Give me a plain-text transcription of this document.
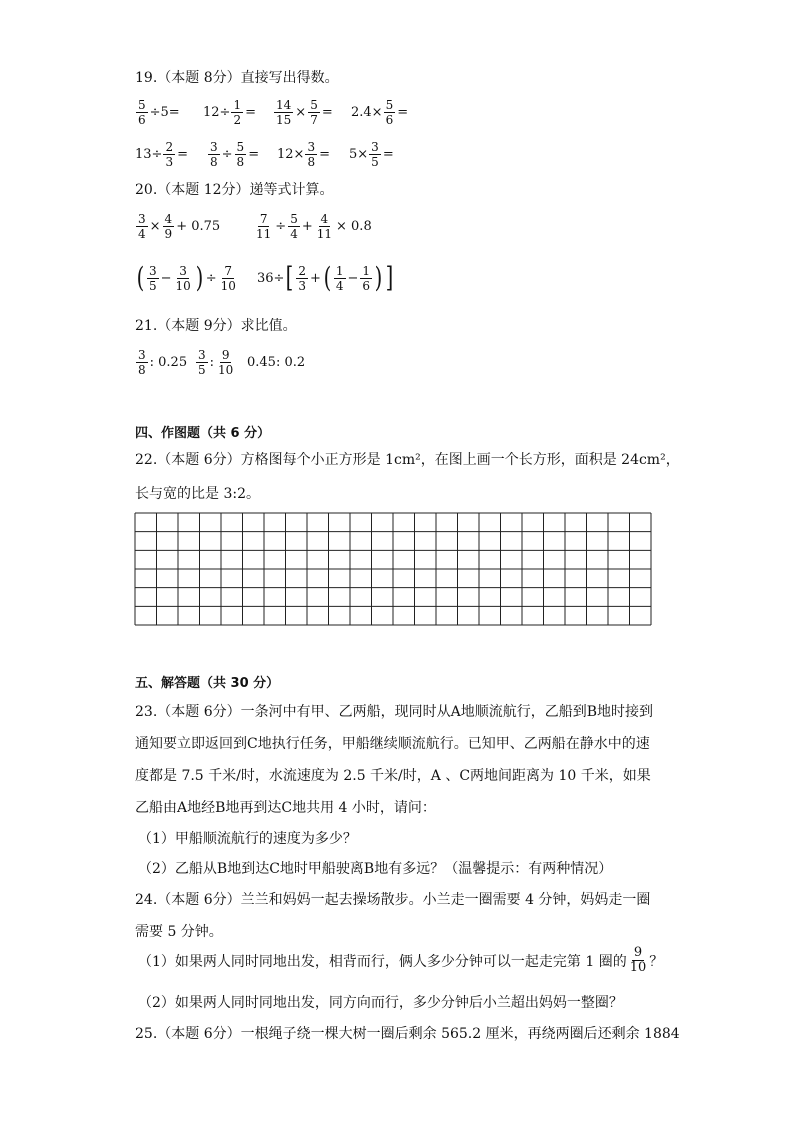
19.（本题 8分）直接写出得数。
$\frac{5}{6} \div 5= 12\div \frac{1}{2} = \frac{14}{15} \times \frac{5}{7} = 2.4\times \frac{5}{6}$ =
$13\div \frac{2}{3} = \frac{3}{8} \div \frac{5}{8} = 12\times \frac{3}{8} = 5\times \frac{3}{5}$ =
20.（本题 12分）递等式计算。
$\frac{3}{4} \times \frac{4}{9} + 0.75$	$\frac{7}{11} \div \frac{5}{4} + \frac{4}{11} \times 0.8$
( $\frac{3}{5} - \frac{3}{10}$ ) ÷ $\frac{7}{10} 36\div$ [ $\frac{2}{3}$ + ( $\frac{1}{4} - \frac{1}{6}$ ) ]
21.（本题 9分）求比值。
$\frac{3}{8}$ : $0.25 \frac{3}{5}$ : $\frac{9}{10} 0.45$: 0.2
四、作图题（共 6 分）
22.（本题 6分）方格图每个小正方形是 1cm²，在图上画一个长方形，面积是 24cm²，
长与宽的比是 3:2。
五、解答题（共 30 分）
23.（本题 6分）一条河中有甲、乙两船，现同时从A地顺流航行，乙船到B地时接到通知要立即返回到C地执行任务，甲船继续顺流航行。已知甲、乙两船在静水中的速度都是 7.5 千米/时，水流速度为 2.5 千米/时，A 、C两地间距离为 10 千米，如果乙船由A地经B地再到达C地共用 4 小时，请问：
（1）甲船顺流航行的速度为多少？
（2）乙船从B地到达C地时甲船驶离B地有多远？（温馨提示：有两种情况）
24.（本题 6分）兰兰和妈妈一起去操场散步。小兰走一圈需要 4 分钟，妈妈走一圈需要 5 分钟。
（1）如果两人同时同地出发，相背而行，俩人多少分钟可以一起走完第 1 圈的 $\frac{9}{10}$ ？
（2）如果两人同时同地出发，同方向而行，多少分钟后小兰超出妈妈一整圈？
25.（本题 6分）一根绳子绕一棵大树一圈后剩余 565.2 厘米，再绕两圈后还剩余 1884
